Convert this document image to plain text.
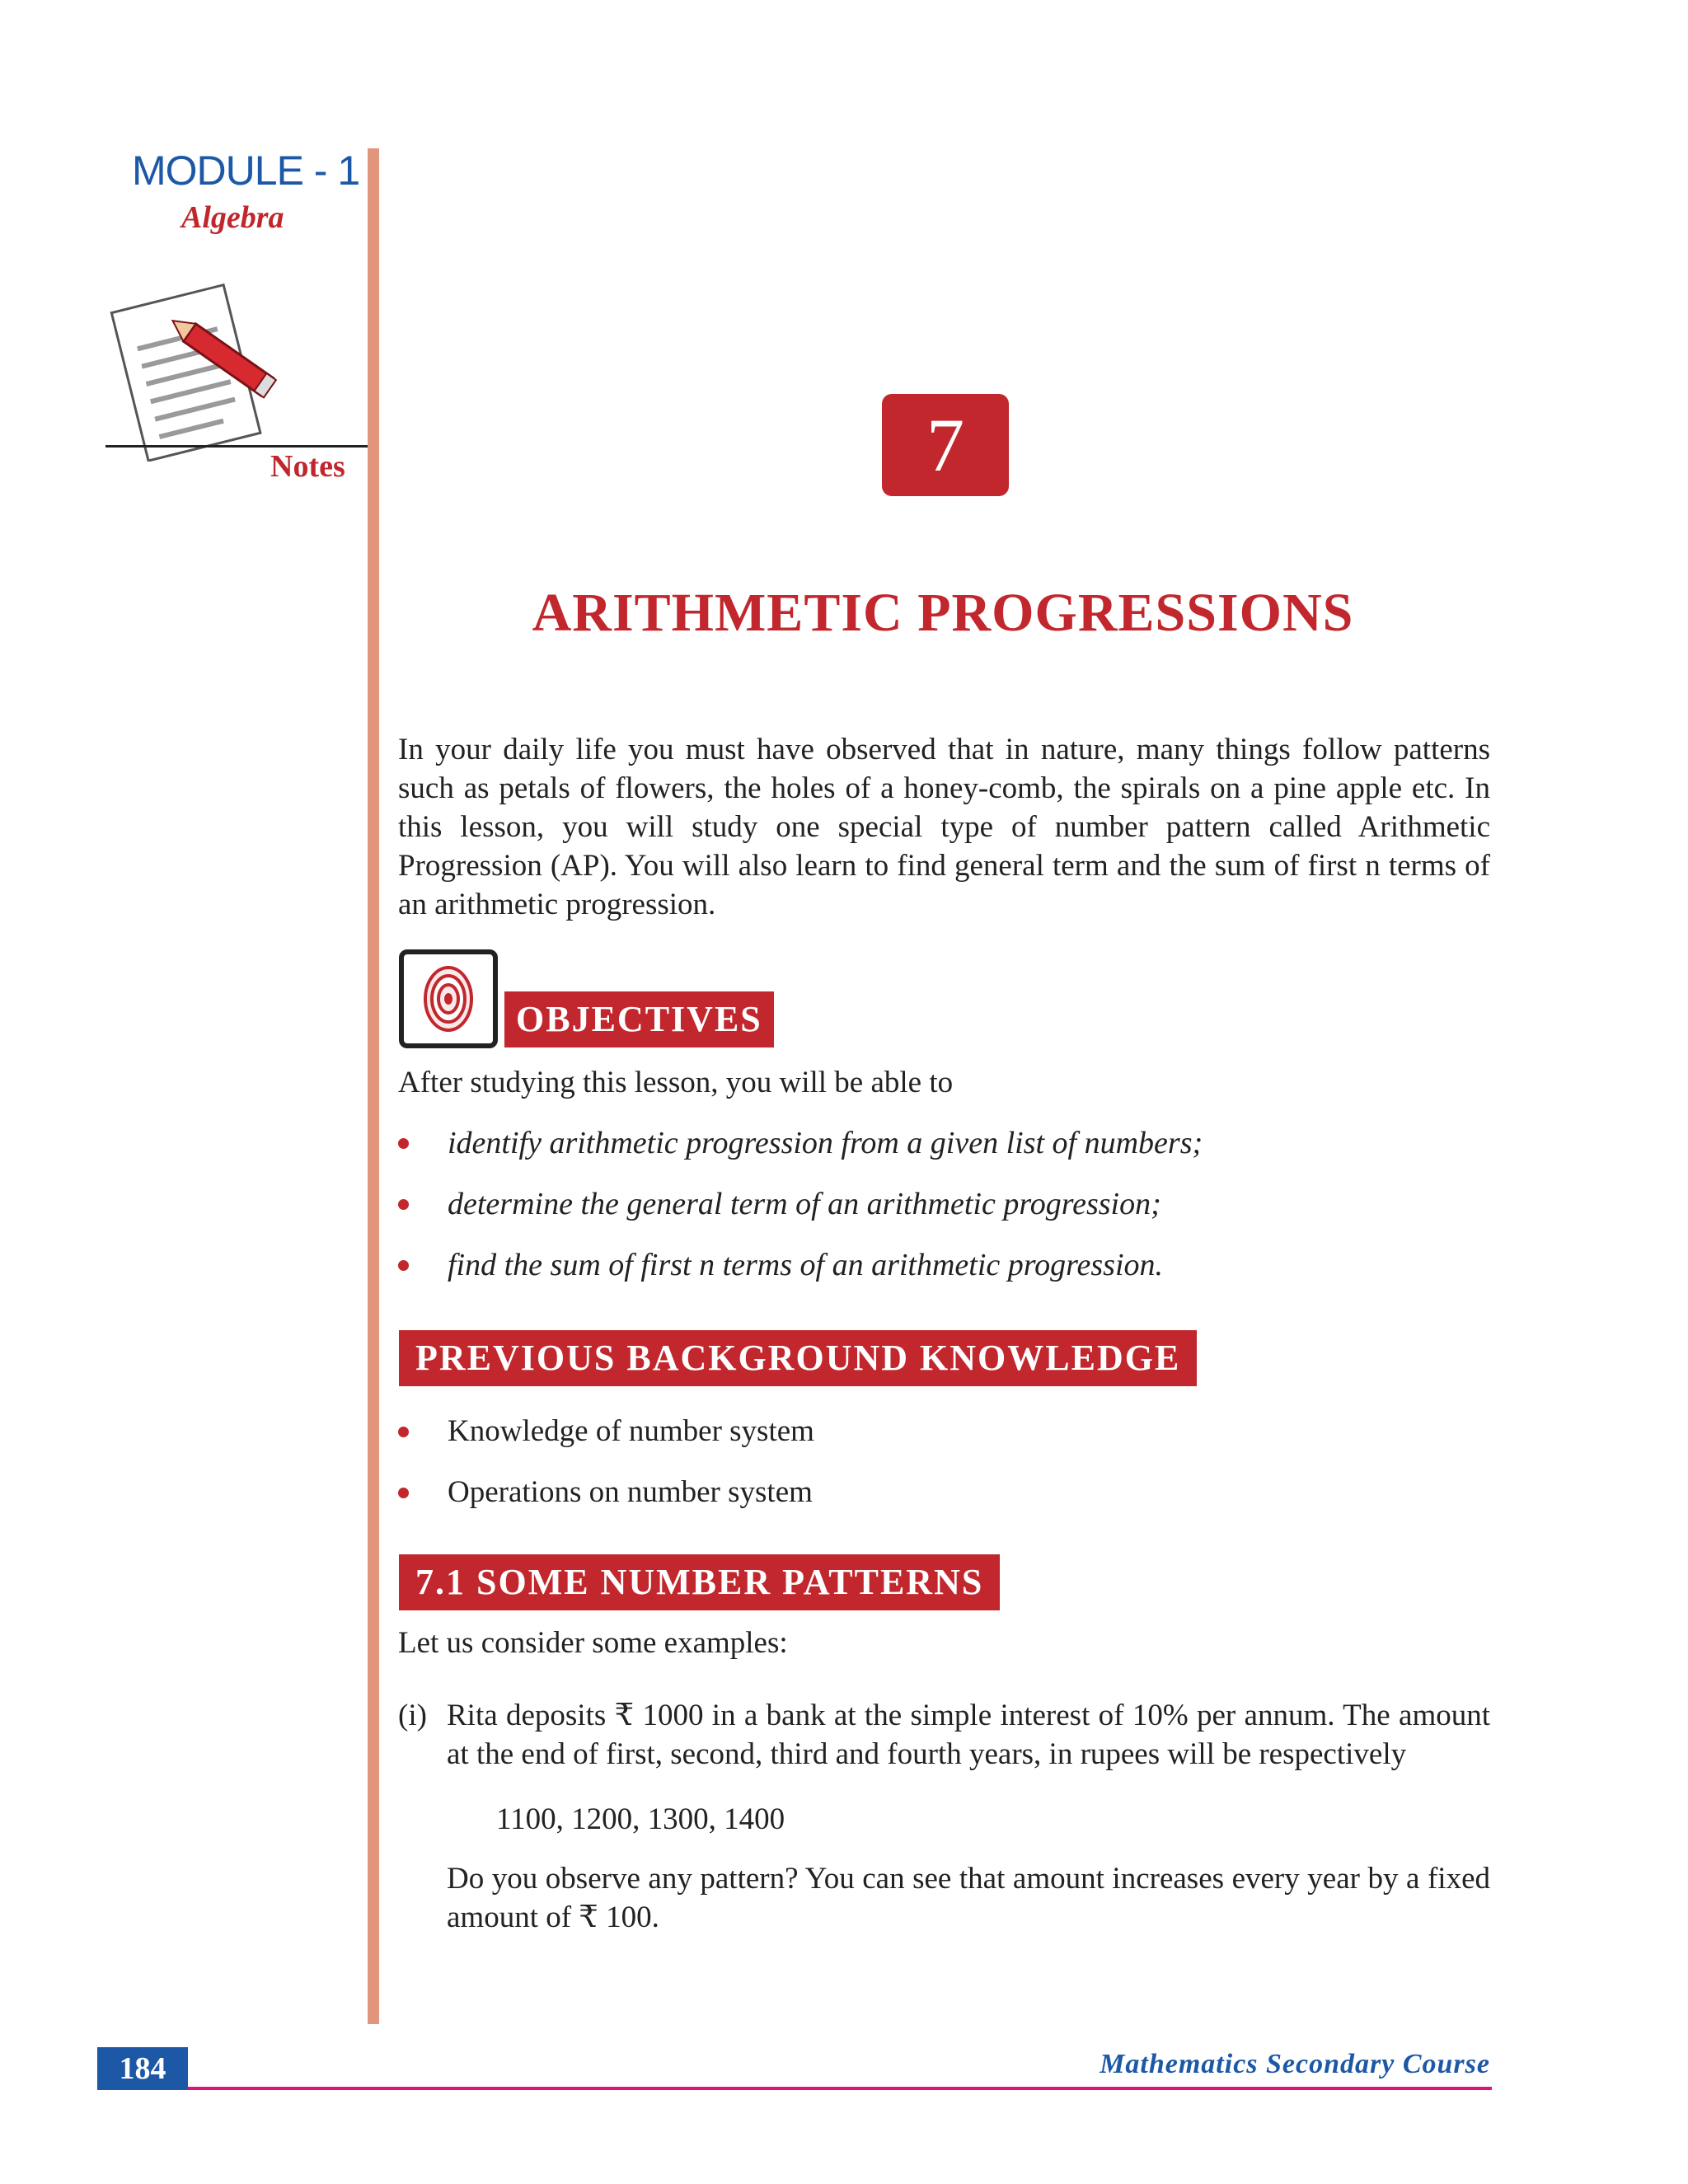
MODULE - 1
Algebra
Notes	7
ARITHMETIC PROGRESSIONS

In your daily life you must have observed that in nature, many things follow patterns such as petals of flowers, the holes of a honey-comb, the spirals on a pine apple etc. In this lesson, you will study one special type of number pattern called Arithmetic Progression (AP). You will also learn to find general term and the sum of first n terms of an arithmetic progression.

OBJECTIVES
After studying this lesson, you will be able to
identify arithmetic progression from a given list of numbers;
determine the general term of an arithmetic progression;
find the sum of first n terms of an arithmetic progression.
PREVIOUS BACKGROUND KNOWLEDGE
Knowledge of number system
Operations on number system
7.1 SOME NUMBER PATTERNS
Let us consider some examples:
(i) Rita deposits ₹ 1000 in a bank at the simple interest of 10% per annum. The amount at the end of first, second, third and fourth years, in rupees will be respectively

1100, 1200, 1300, 1400

Do you observe any pattern? You can see that amount increases every year by a fixed amount of ₹ 100.

184	Mathematics Secondary Course
